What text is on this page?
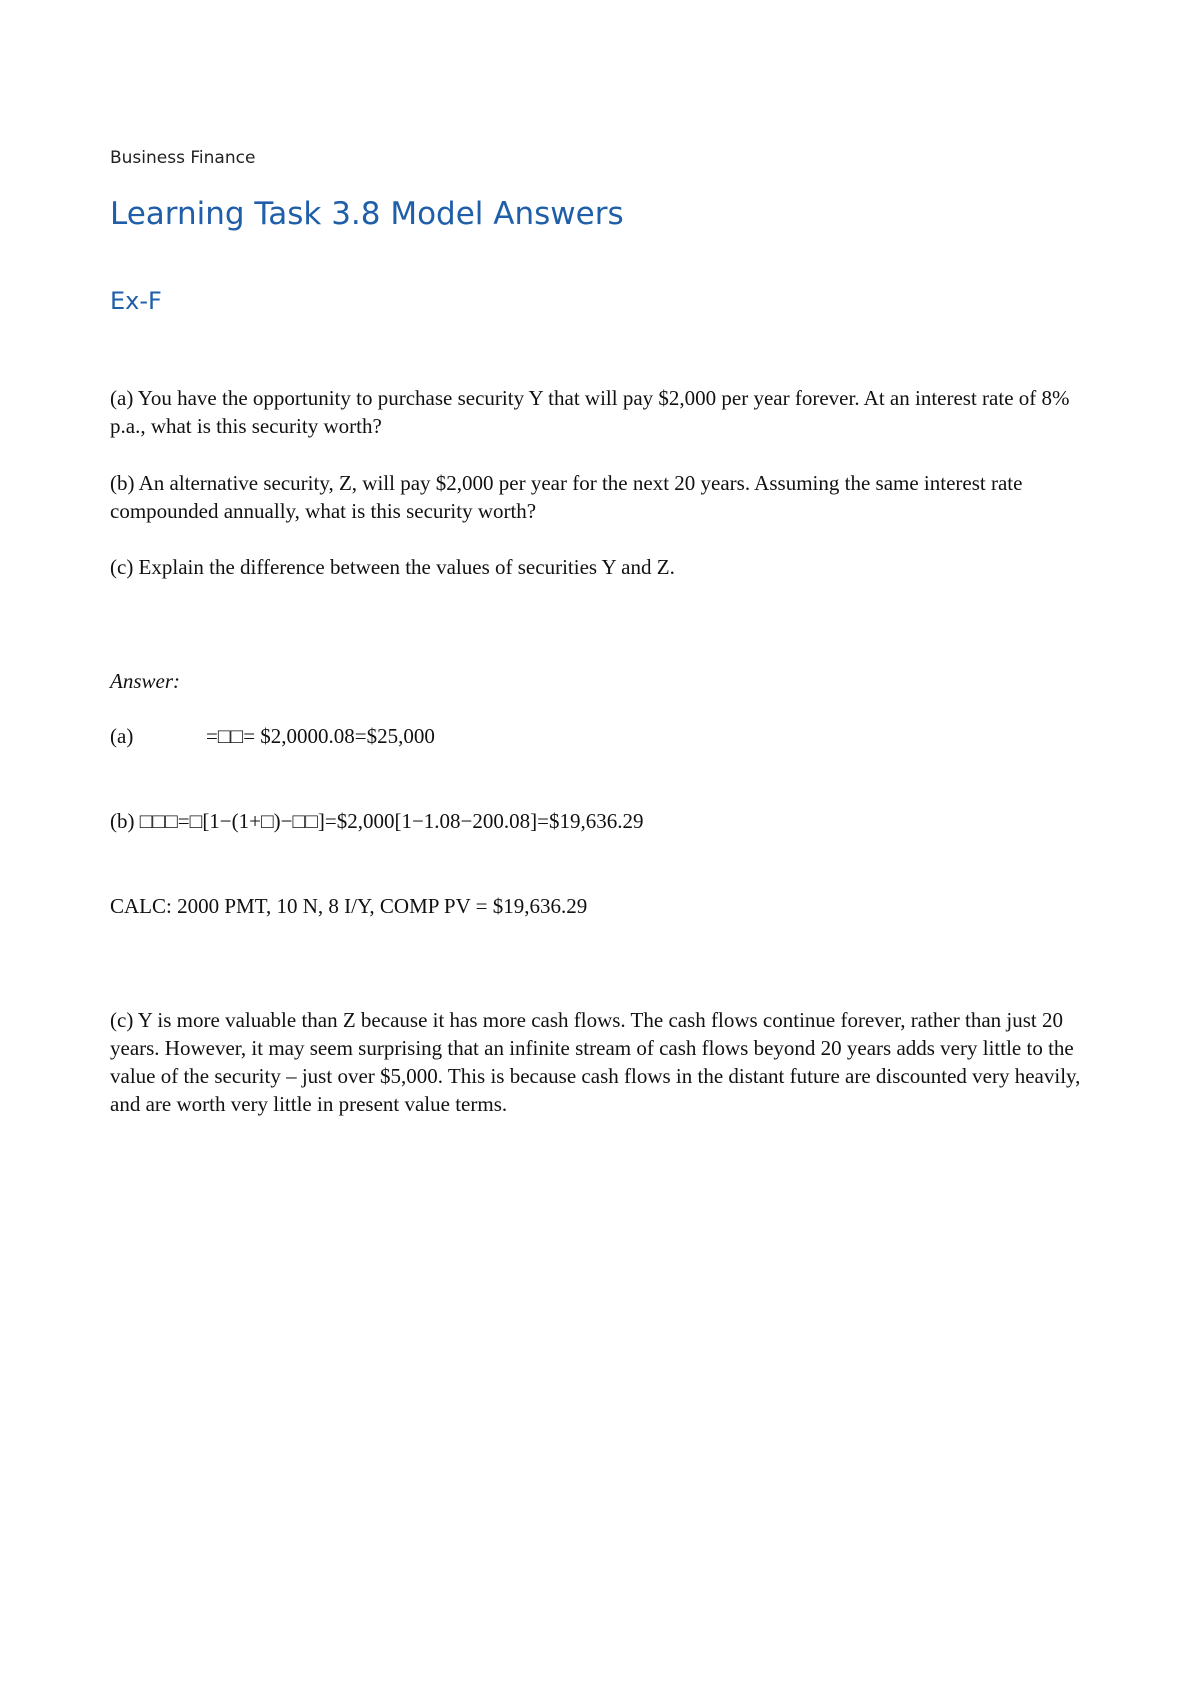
Business Finance
Learning Task 3.8 Model Answers
Ex-F

(a) You have the opportunity to purchase security Y that will pay $2,000 per year forever. At an interest rate of 8% p.a., what is this security worth?

(b) An alternative security, Z, will pay $2,000 per year for the next 20 years. Assuming the same interest rate compounded annually, what is this security worth?

(c) Explain the difference between the values of securities Y and Z.

Answer:

(a)	=□□= $2,0000.08=$25,000

(b) □□□=□[1−(1+□)−□□]=$2,000[1−1.08−200.08]=$19,636.29

CALC: 2000 PMT, 10 N, 8 I/Y, COMP PV = $19,636.29

(c) Y is more valuable than Z because it has more cash flows. The cash flows continue forever, rather than just 20 years. However, it may seem surprising that an infinite stream of cash flows beyond 20 years adds very little to the value of the security – just over $5,000. This is because cash flows in the distant future are discounted very heavily, and are worth very little in present value terms.
